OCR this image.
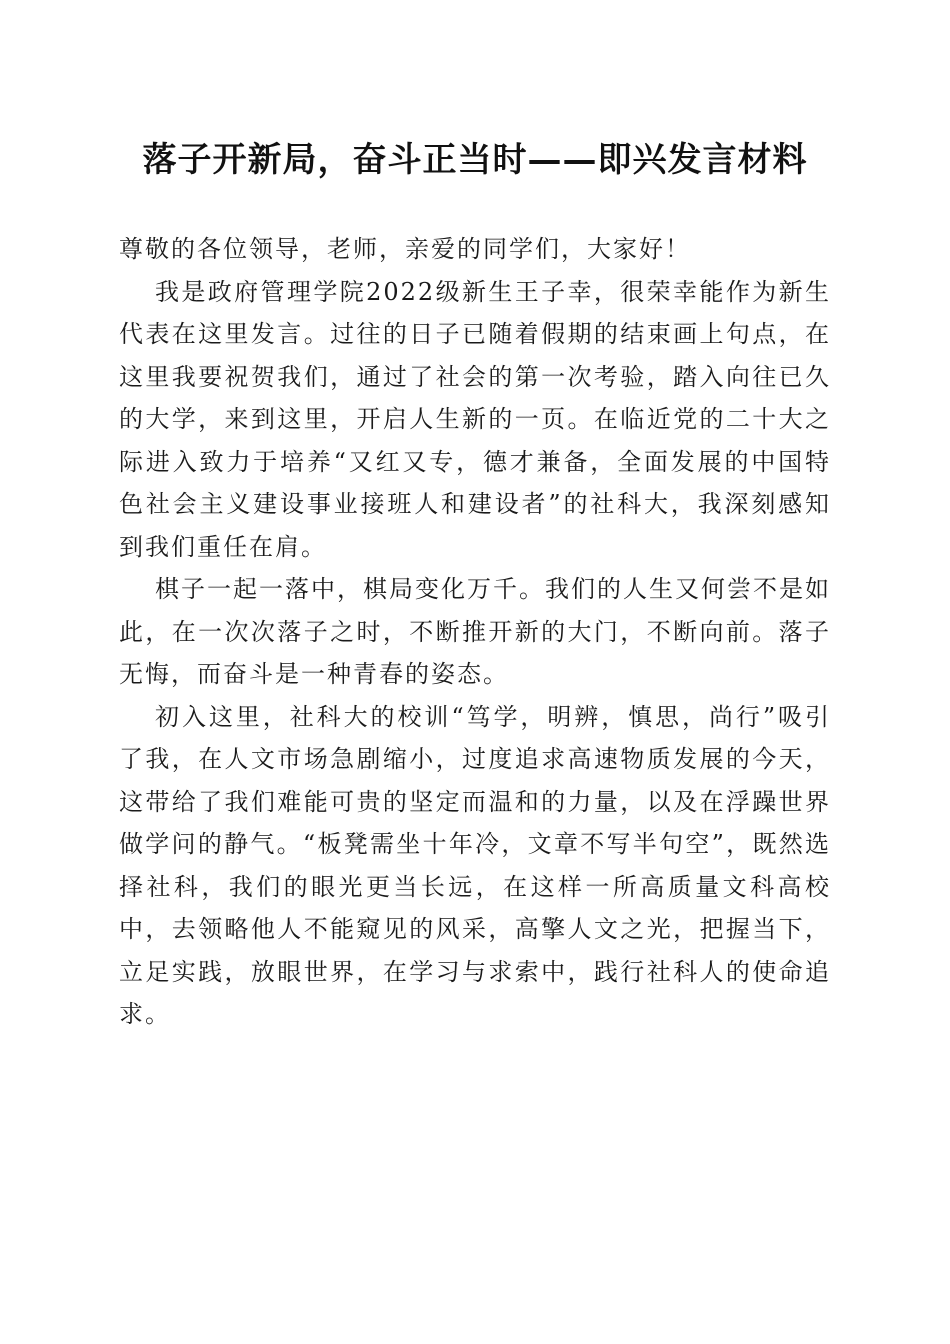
落子开新局，奋斗正当时——即兴发言材料

尊敬的各位领导，老师，亲爱的同学们，大家好！

我是政府管理学院2022级新生王子幸，很荣幸能作为新生代表在这里发言。过往的日子已随着假期的结束画上句点，在这里我要祝贺我们，通过了社会的第一次考验，踏入向往已久的大学，来到这里，开启人生新的一页。在临近党的二十大之际进入致力于培养“又红又专，德才兼备，全面发展的中国特色社会主义建设事业接班人和建设者”的社科大，我深刻感知到我们重任在肩。

棋子一起一落中，棋局变化万千。我们的人生又何尝不是如此，在一次次落子之时，不断推开新的大门，不断向前。落子无悔，而奋斗是一种青春的姿态。

初入这里，社科大的校训“笃学，明辨，慎思，尚行”吸引了我，在人文市场急剧缩小，过度追求高速物质发展的今天，这带给了我们难能可贵的坚定而温和的力量，以及在浮躁世界做学问的静气。“板凳需坐十年冷，文章不写半句空”，既然选择社科，我们的眼光更当长远，在这样一所高质量文科高校中，去领略他人不能窥见的风采，高擎人文之光，把握当下，立足实践，放眼世界，在学习与求索中，践行社科人的使命追求。
